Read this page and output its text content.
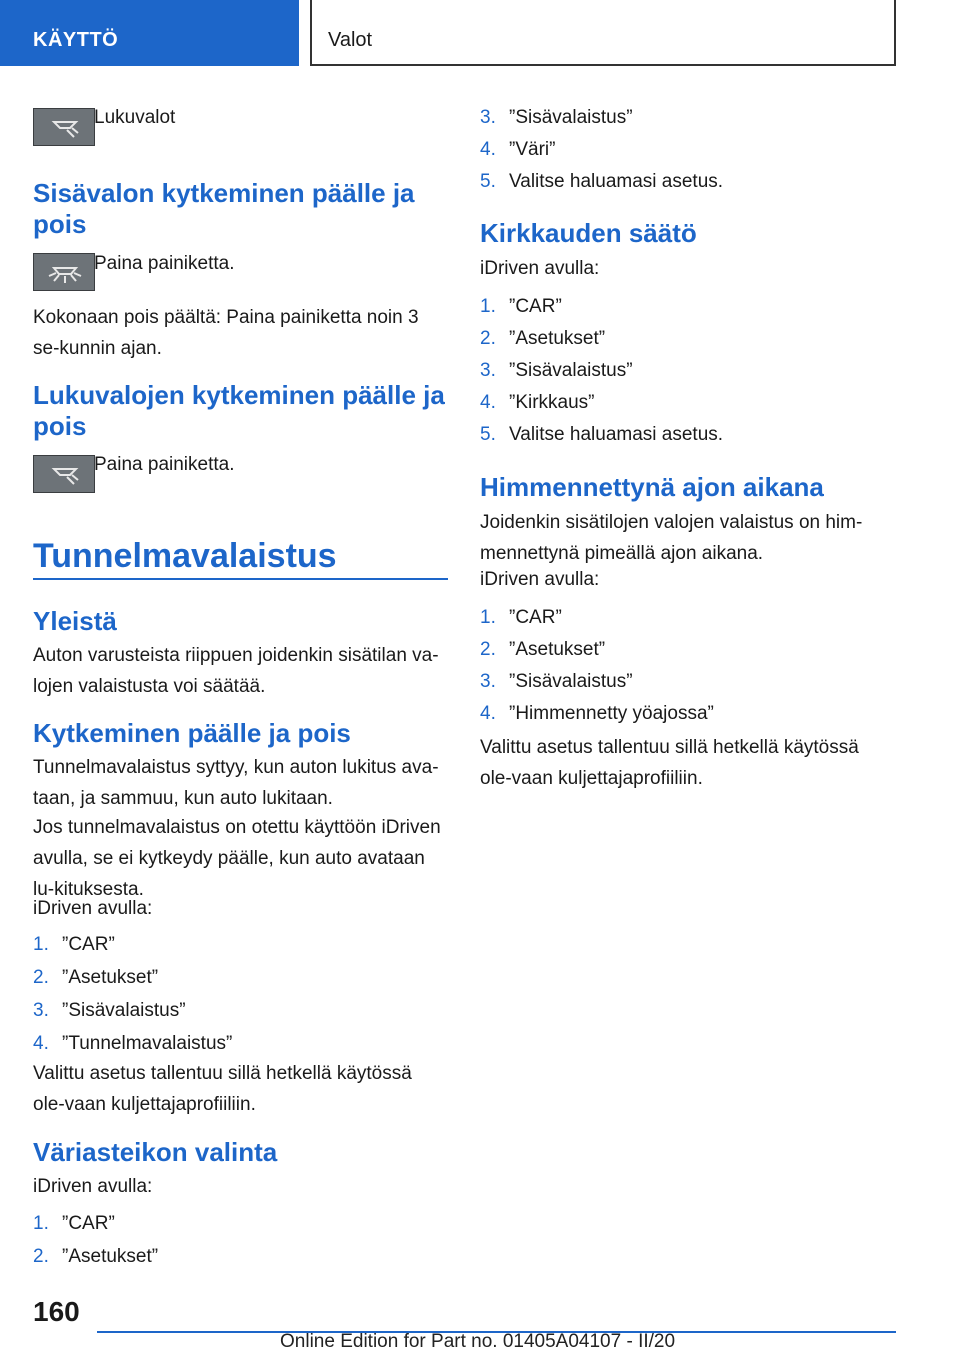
KÄYTTÖ	Valot
Lukuvalot
Sisävalon kytkeminen päälle ja pois
Paina painiketta.

Kokonaan pois päältä: Paina painiketta noin 3 se‐kunnin ajan.

Lukuvalojen kytkeminen päälle ja pois
Paina painiketta.
Tunnelmavalaistus
Yleistä

Auton varusteista riippuen joidenkin sisätilan va‐lojen valaistusta voi säätää.

Kytkeminen päälle ja pois

Tunnelmavalaistus syttyy, kun auton lukitus ava‐taan, ja sammuu, kun auto lukitaan.

Jos tunnelmavalaistus on otettu käyttöön iDriven avulla, se ei kytkeydy päälle, kun auto avataan lu‐kituksesta.

iDriven avulla:

1. ”CAR”
2. ”Asetukset”
3. ”Sisävalaistus”
4. ”Tunnelmavalaistus”

Valittu asetus tallentuu sillä hetkellä käytössä ole‐vaan kuljettajaprofiiliin.

Väriasteikon valinta

iDriven avulla:

1. ”CAR”
2. ”Asetukset”
3. ”Sisävalaistus”
4. ”Väri”
5. Valitse haluamasi asetus.
Kirkkauden säätö

iDriven avulla:

1. ”CAR”
2. ”Asetukset”
3. ”Sisävalaistus”
4. ”Kirkkaus”
5. Valitse haluamasi asetus.
Himmennettynä ajon aikana

Joidenkin sisätilojen valojen valaistus on him‐mennettynä pimeällä ajon aikana.

iDriven avulla:

1. ”CAR”
2. ”Asetukset”
3. ”Sisävalaistus”
4. ”Himmennetty yöajossa”

Valittu asetus tallentuu sillä hetkellä käytössä ole‐vaan kuljettajaprofiiliin.

160
Online Edition for Part no. 01405A04107 - II/20
